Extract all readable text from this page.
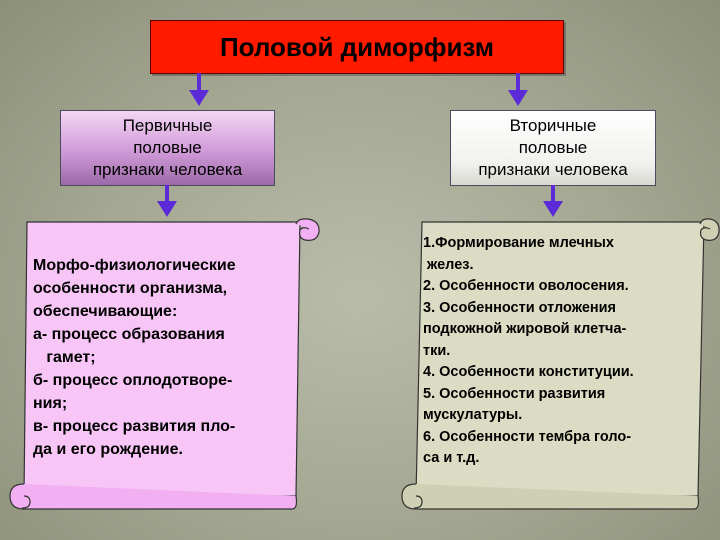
Половой диморфизм
Первичные
половые
признаки человека
Вторичные
половые
признаки человека
Морфо-физиологические
особенности организма,
обеспечивающие:
а- процесс образования
гамет;
б- процесс оплодотворе-
ния;
в- процесс развития пло-
да и его рождение.
1.Формирование млечных
желез.
2. Особенности оволосения.
3. Особенности отложения
подкожной жировой клетча-
тки.
4. Особенности конституции.
5. Особенности развития
мускулатуры.
6. Особенности тембра голо-
са и т.д.
